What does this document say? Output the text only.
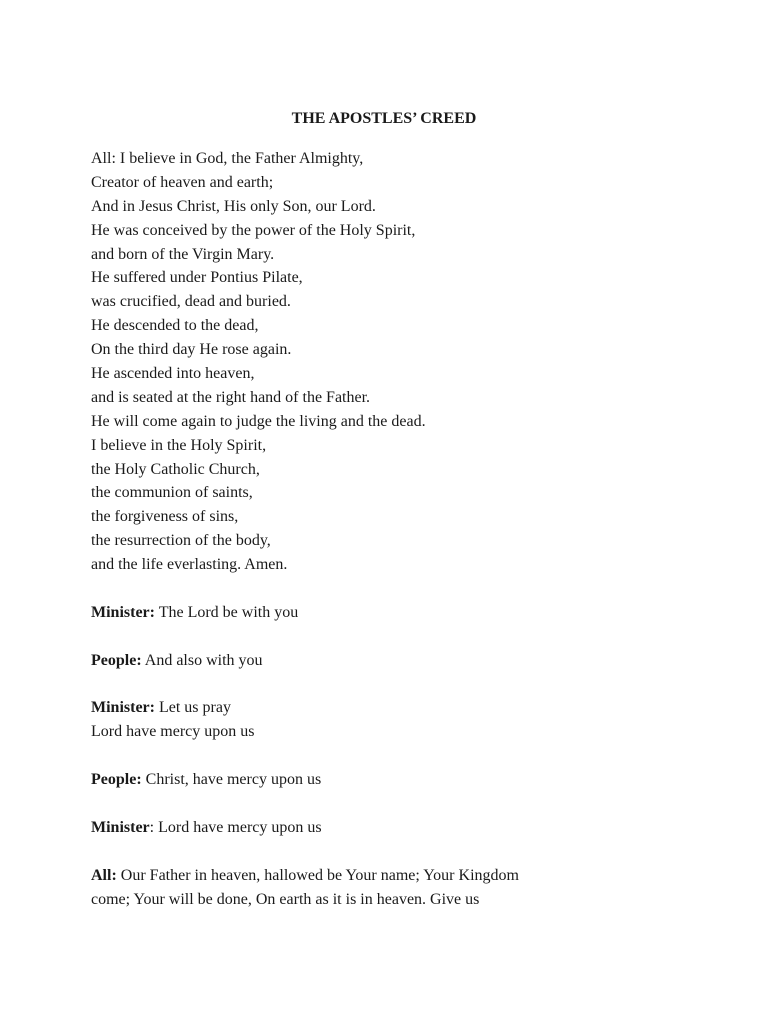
THE APOSTLES’ CREED
All: I believe in God, the Father Almighty,
Creator of heaven and earth;
And in Jesus Christ, His only Son, our Lord.
He was conceived by the power of the Holy Spirit,
and born of the Virgin Mary.
He suffered under Pontius Pilate,
was crucified, dead and buried.
He descended to the dead,
On the third day He rose again.
He ascended into heaven,
and is seated at the right hand of the Father.
He will come again to judge the living and the dead.
I believe in the Holy Spirit,
the Holy Catholic Church,
the communion of saints,
the forgiveness of sins,
the resurrection of the body,
and the life everlasting. Amen.
Minister: The Lord be with you
People: And also with you
Minister: Let us pray
Lord have mercy upon us
People: Christ, have mercy upon us
Minister: Lord have mercy upon us
All: Our Father in heaven, hallowed be Your name; Your Kingdom
come; Your will be done, On earth as it is in heaven. Give us
